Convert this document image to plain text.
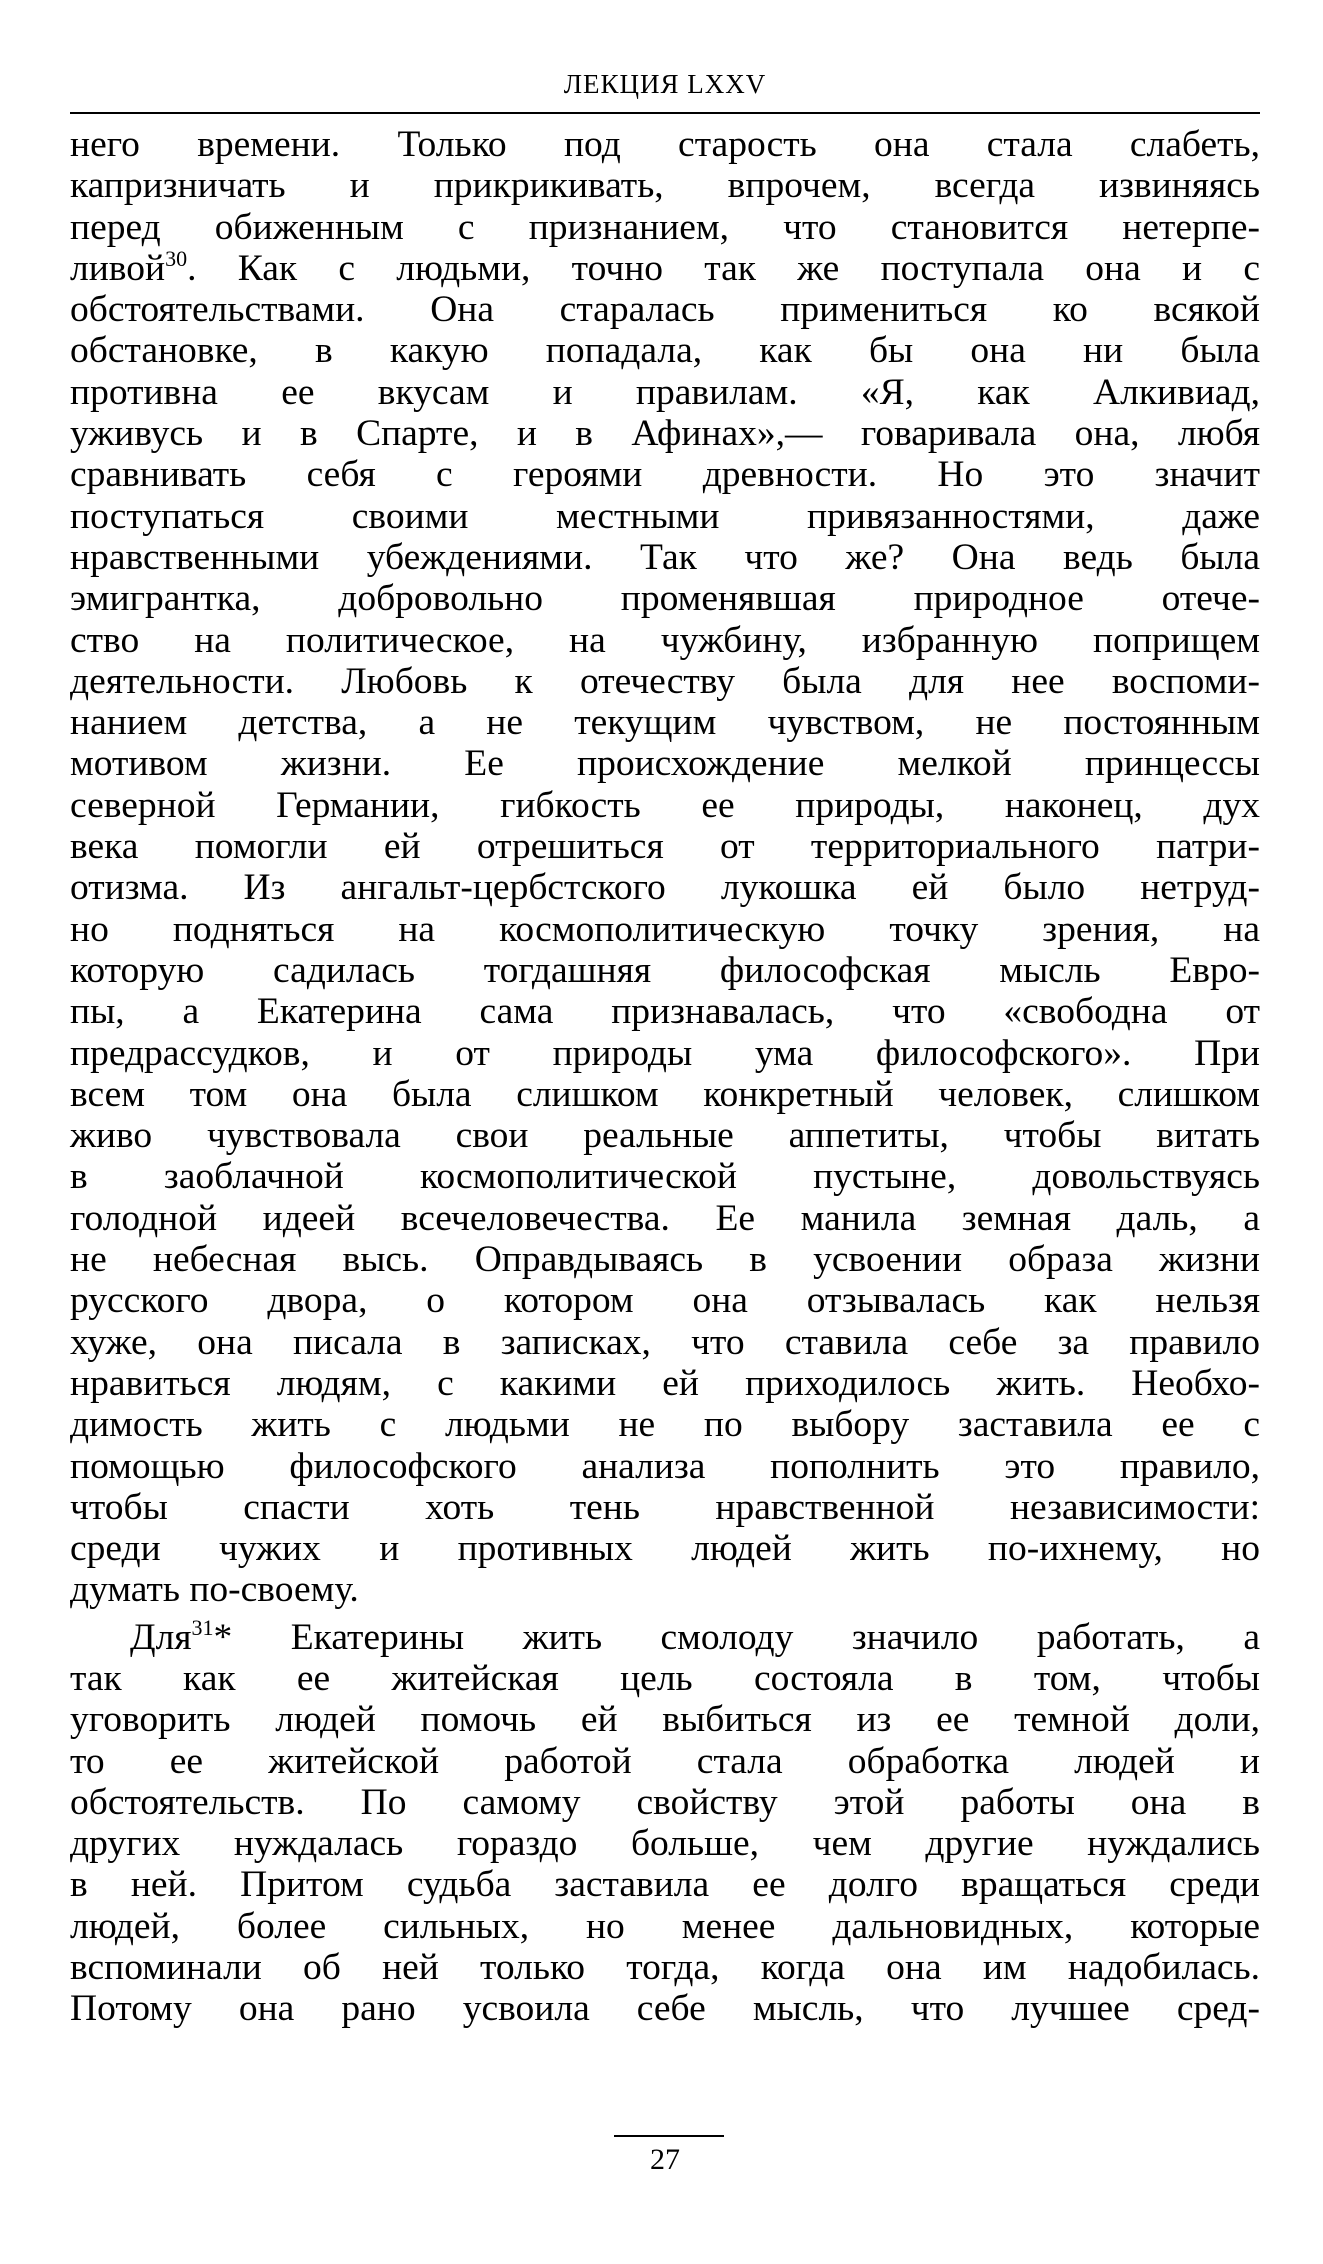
ЛЕКЦИЯ LXXV
него времени. Только под старость она стала слабеть,
капризничать и прикрикивать, впрочем, всегда извиняясь
перед обиженным с признанием, что становится нетерпе-
ливой$^{30}$. Как с людьми, точно так же поступала она и с
обстоятельствами. Она старалась примениться ко всякой
обстановке, в какую попадала, как бы она ни была
противна ее вкусам и правилам. «Я, как Алкивиад,
уживусь и в Спарте, и в Афинах»,— говаривала она, любя
сравнивать себя с героями древности. Но это значит
поступаться своими местными привязанностями, даже
нравственными убеждениями. Так что же? Она ведь была
эмигрантка, добровольно променявшая природное отече-
ство на политическое, на чужбину, избранную поприщем
деятельности. Любовь к отечеству была для нее воспоми-
нанием детства, а не текущим чувством, не постоянным
мотивом жизни. Ее происхождение мелкой принцессы
северной Германии, гибкость ее природы, наконец, дух
века помогли ей отрешиться от территориального патри-
отизма. Из ангальт-цербстского лукошка ей было нетруд-
но подняться на космополитическую точку зрения, на
которую садилась тогдашняя философская мысль Евро-
пы, а Екатерина сама признавалась, что «свободна от
предрассудков, и от природы ума философского». При
всем том она была слишком конкретный человек, слишком
живо чувствовала свои реальные аппетиты, чтобы витать
в заоблачной космополитической пустыне, довольствуясь
голодной идеей всечеловечества. Ее манила земная даль, а
не небесная высь. Оправдываясь в усвоении образа жизни
русского двора, о котором она отзывалась как нельзя
хуже, она писала в записках, что ставила себе за правило
нравиться людям, с какими ей приходилось жить. Необхо-
димость жить с людьми не по выбору заставила ее с
помощью философского анализа пополнить это правило,
чтобы спасти хоть тень нравственной независимости:
среди чужих и противных людей жить по-ихнему, но
думать по-своему.
Для$^{31}$* Екатерины жить смолоду значило работать, а
так как ее житейская цель состояла в том, чтобы
уговорить людей помочь ей выбиться из ее темной доли,
то ее житейской работой стала обработка людей и
обстоятельств. По самому свойству этой работы она в
других нуждалась гораздо больше, чем другие нуждались
в ней. Притом судьба заставила ее долго вращаться среди
людей, более сильных, но менее дальновидных, которые
вспоминали об ней только тогда, когда она им надобилась.
Потому она рано усвоила себе мысль, что лучшее сред-
27
